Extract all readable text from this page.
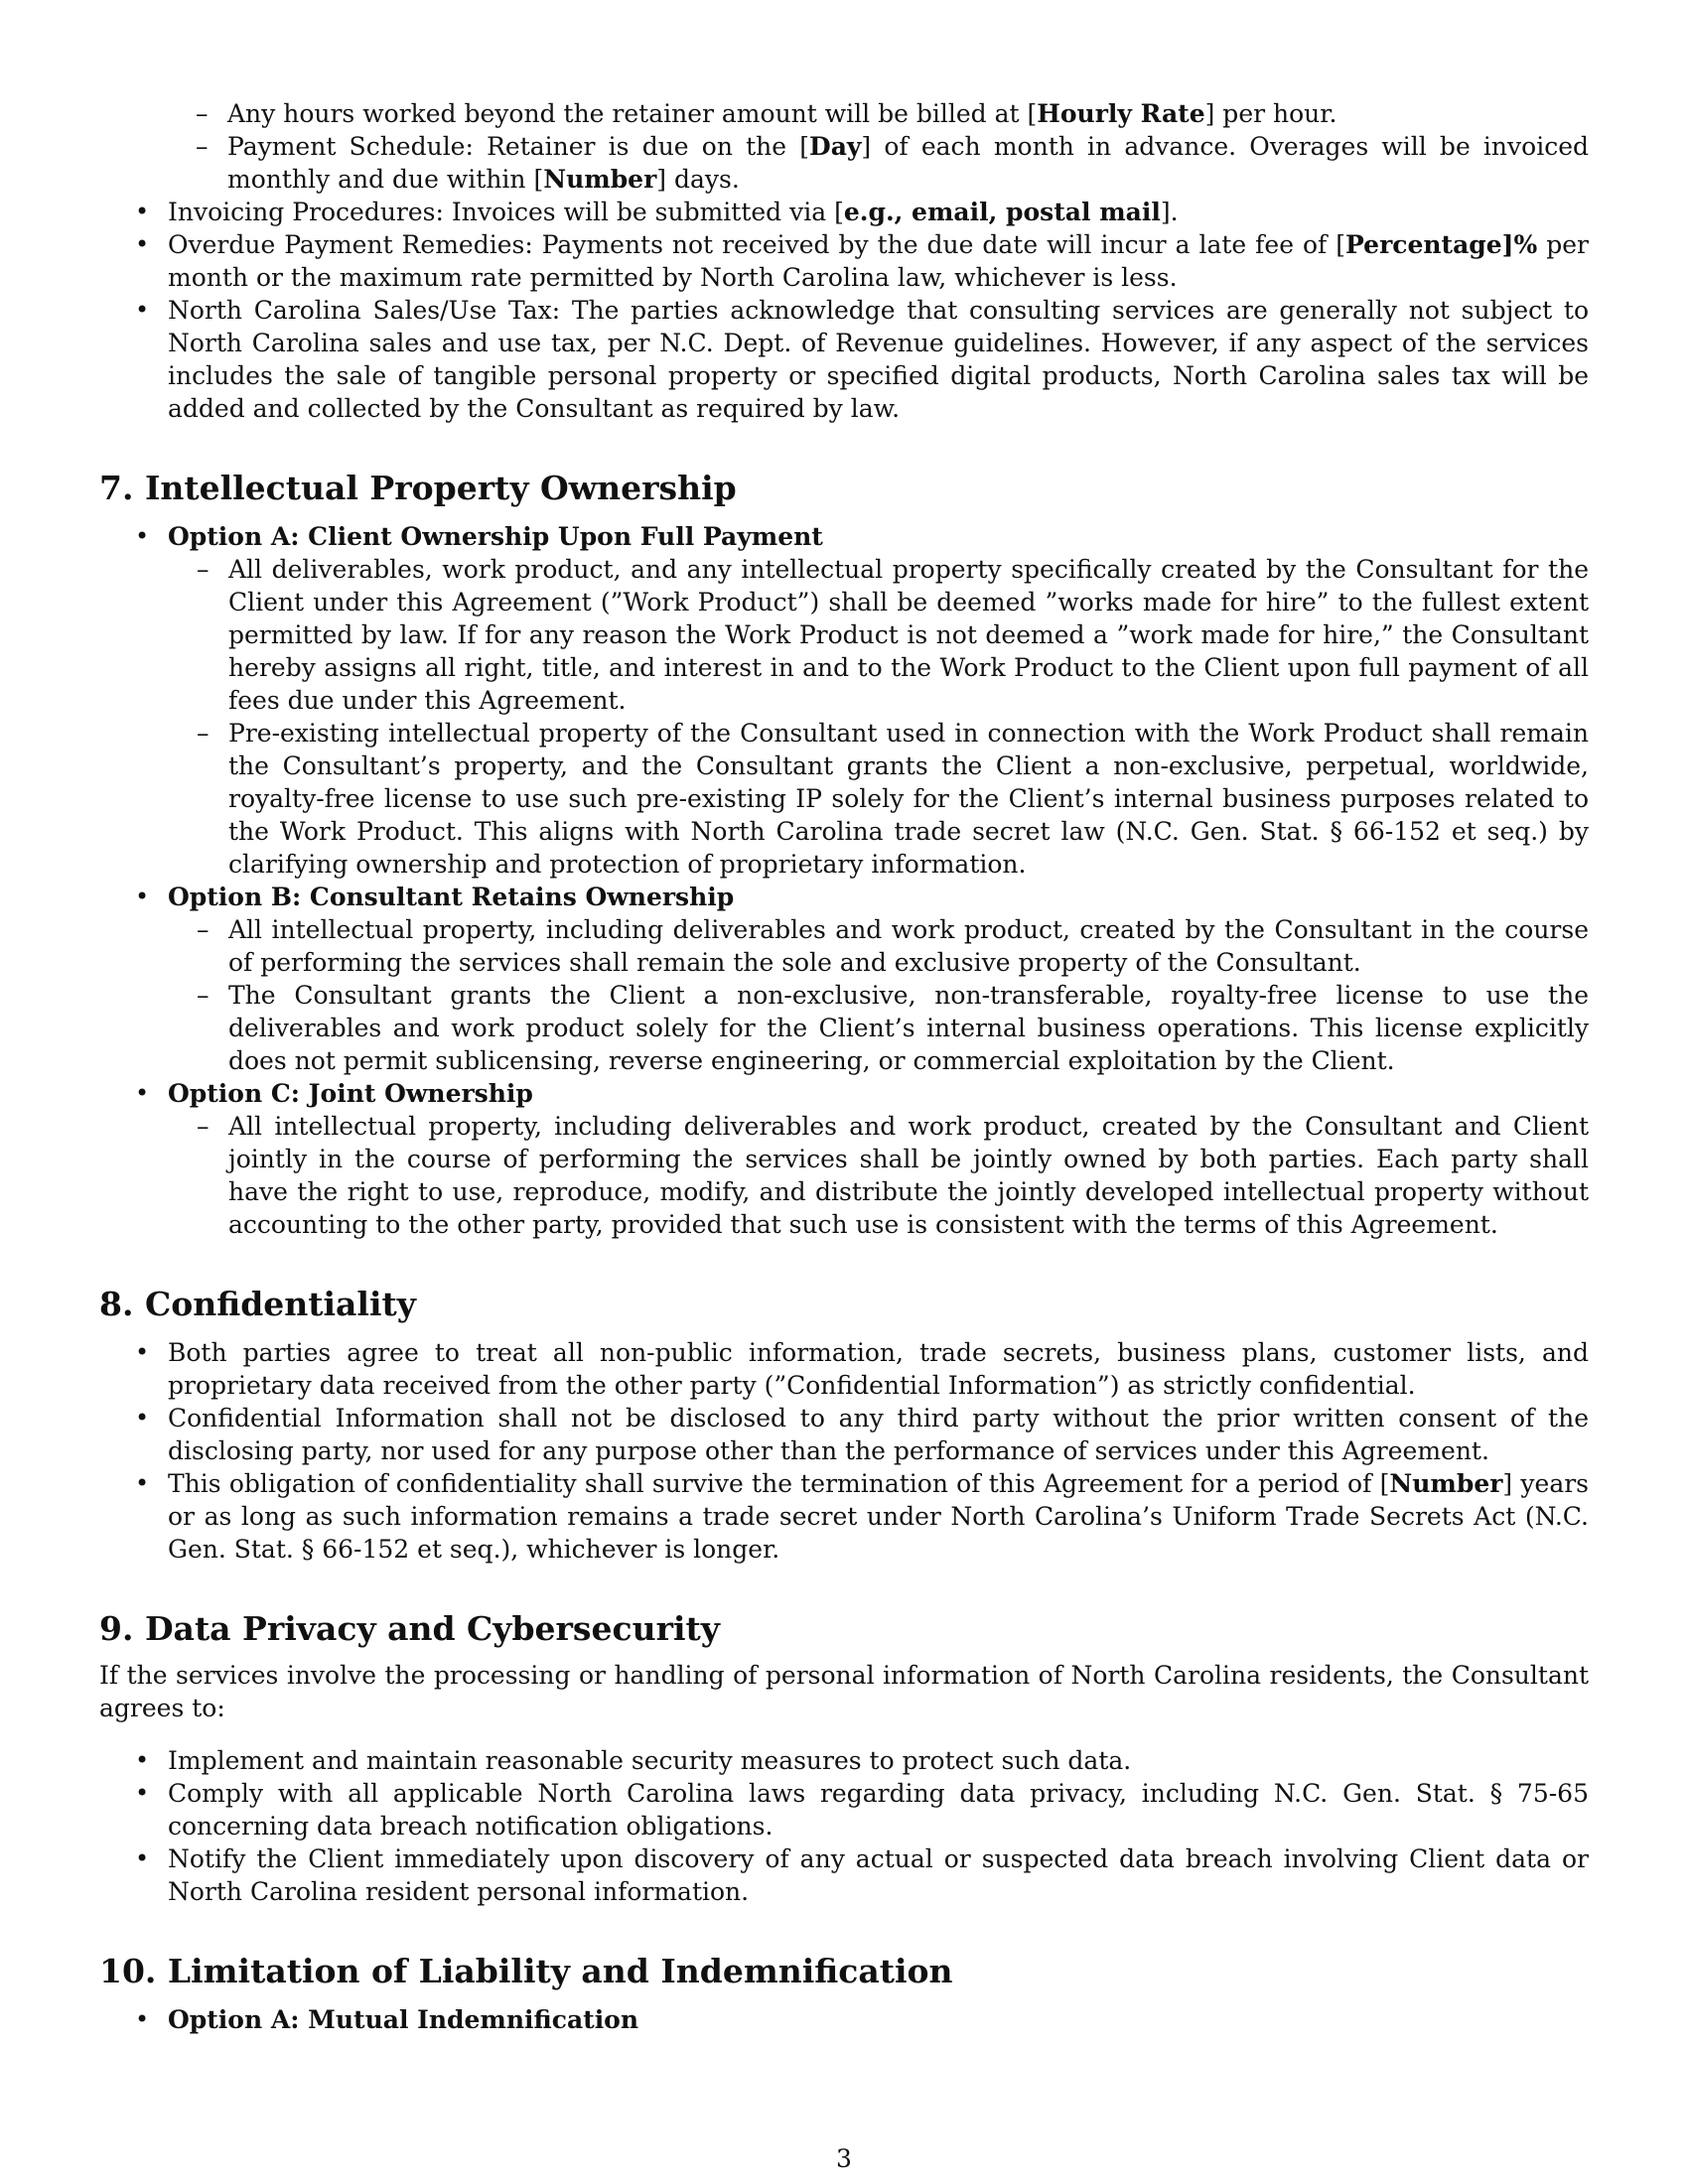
– Any hours worked beyond the retainer amount will be billed at [Hourly Rate] per hour.
– Payment Schedule: Retainer is due on the [Day] of each month in advance. Overages will be invoiced monthly and due within [Number] days.
• Invoicing Procedures: Invoices will be submitted via [e.g., email, postal mail].
• Overdue Payment Remedies: Payments not received by the due date will incur a late fee of [Percentage]% per month or the maximum rate permitted by North Carolina law, whichever is less.
• North Carolina Sales/Use Tax: The parties acknowledge that consulting services are generally not subject to North Carolina sales and use tax, per N.C. Dept. of Revenue guidelines. However, if any aspect of the services includes the sale of tangible personal property or specified digital products, North Carolina sales tax will be added and collected by the Consultant as required by law.
7. Intellectual Property Ownership
• Option A: Client Ownership Upon Full Payment
– All deliverables, work product, and any intellectual property specifically created by the Consultant for the Client under this Agreement (”Work Product”) shall be deemed ”works made for hire” to the fullest extent permitted by law. If for any reason the Work Product is not deemed a ”work made for hire,” the Consultant hereby assigns all right, title, and interest in and to the Work Product to the Client upon full payment of all fees due under this Agreement.
– Pre-existing intellectual property of the Consultant used in connection with the Work Product shall remain the Consultant’s property, and the Consultant grants the Client a non-exclusive, perpetual, worldwide, royalty-free license to use such pre-existing IP solely for the Client’s internal business purposes related to the Work Product. This aligns with North Carolina trade secret law (N.C. Gen. Stat. § 66-152 et seq.) by clarifying ownership and protection of proprietary information.
• Option B: Consultant Retains Ownership
– All intellectual property, including deliverables and work product, created by the Consultant in the course of performing the services shall remain the sole and exclusive property of the Consultant.
– The Consultant grants the Client a non-exclusive, non-transferable, royalty-free license to use the deliverables and work product solely for the Client’s internal business operations. This license explicitly does not permit sublicensing, reverse engineering, or commercial exploitation by the Client.
• Option C: Joint Ownership
– All intellectual property, including deliverables and work product, created by the Consultant and Client jointly in the course of performing the services shall be jointly owned by both parties. Each party shall have the right to use, reproduce, modify, and distribute the jointly developed intellectual property without accounting to the other party, provided that such use is consistent with the terms of this Agreement.
8. Confidentiality
• Both parties agree to treat all non-public information, trade secrets, business plans, customer lists, and proprietary data received from the other party (”Confidential Information”) as strictly confidential.
• Confidential Information shall not be disclosed to any third party without the prior written consent of the disclosing party, nor used for any purpose other than the performance of services under this Agreement.
• This obligation of confidentiality shall survive the termination of this Agreement for a period of [Number] years or as long as such information remains a trade secret under North Carolina’s Uniform Trade Secrets Act (N.C. Gen. Stat. § 66-152 et seq.), whichever is longer.
9. Data Privacy and Cybersecurity

If the services involve the processing or handling of personal information of North Carolina residents, the Consultant agrees to:

• Implement and maintain reasonable security measures to protect such data.
• Comply with all applicable North Carolina laws regarding data privacy, including N.C. Gen. Stat. § 75-65 concerning data breach notification obligations.
• Notify the Client immediately upon discovery of any actual or suspected data breach involving Client data or North Carolina resident personal information.
10. Limitation of Liability and Indemnification
• Option A: Mutual Indemnification
3
